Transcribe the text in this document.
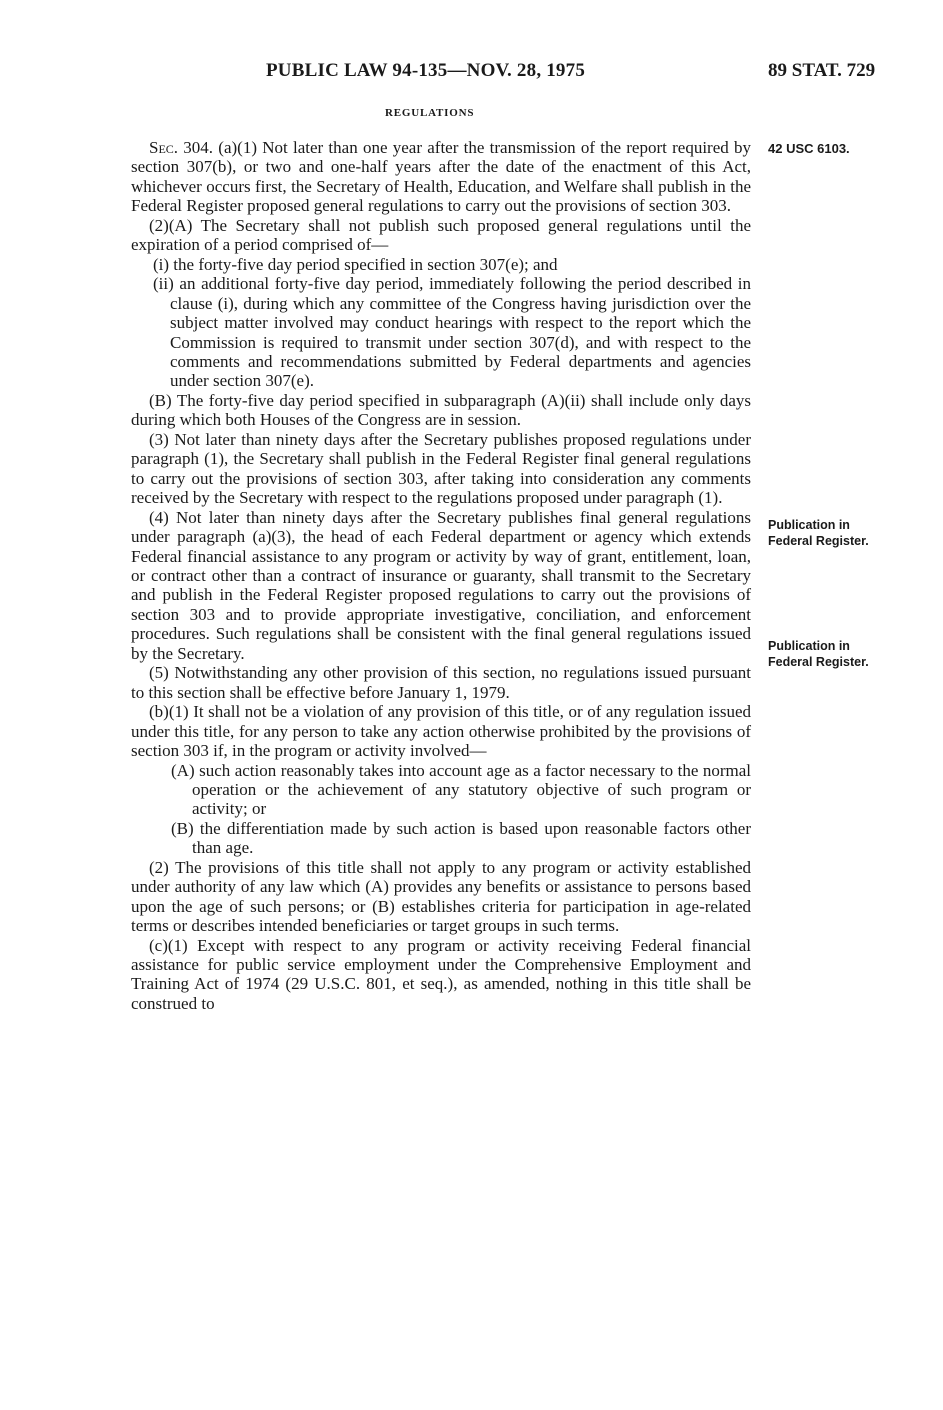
PUBLIC LAW 94-135—NOV. 28, 1975	89 STAT. 729
REGULATIONS
42 USC 6103.
Publication in
Federal Register.
Publication in
Federal Register.

Sec. 304. (a)(1) Not later than one year after the transmission of the report required by section 307(b), or two and one-half years after the date of the enactment of this Act, whichever occurs first, the Secretary of Health, Education, and Welfare shall publish in the Federal Register proposed general regulations to carry out the provisions of section 303.

(2)(A) The Secretary shall not publish such proposed general regulations until the expiration of a period comprised of—

(i) the forty-five day period specified in section 307(e); and

(ii) an additional forty-five day period, immediately following the period described in clause (i), during which any committee of the Congress having jurisdiction over the subject matter involved may conduct hearings with respect to the report which the Commission is required to transmit under section 307(d), and with respect to the comments and recommendations submitted by Federal departments and agencies under section 307(e).

(B) The forty-five day period specified in subparagraph (A)(ii) shall include only days during which both Houses of the Congress are in session.

(3) Not later than ninety days after the Secretary publishes proposed regulations under paragraph (1), the Secretary shall publish in the Federal Register final general regulations to carry out the provisions of section 303, after taking into consideration any comments received by the Secretary with respect to the regulations proposed under paragraph (1).

(4) Not later than ninety days after the Secretary publishes final general regulations under paragraph (a)(3), the head of each Federal department or agency which extends Federal financial assistance to any program or activity by way of grant, entitlement, loan, or contract other than a contract of insurance or guaranty, shall transmit to the Secretary and publish in the Federal Register proposed regulations to carry out the provisions of section 303 and to provide appropriate investigative, conciliation, and enforcement procedures. Such regulations shall be consistent with the final general regulations issued by the Secretary.

(5) Notwithstanding any other provision of this section, no regulations issued pursuant to this section shall be effective before January 1, 1979.

(b)(1) It shall not be a violation of any provision of this title, or of any regulation issued under this title, for any person to take any action otherwise prohibited by the provisions of section 303 if, in the program or activity involved—

(A) such action reasonably takes into account age as a factor necessary to the normal operation or the achievement of any statutory objective of such program or activity; or

(B) the differentiation made by such action is based upon reasonable factors other than age.

(2) The provisions of this title shall not apply to any program or activity established under authority of any law which (A) provides any benefits or assistance to persons based upon the age of such persons; or (B) establishes criteria for participation in age-related terms or describes intended beneficiaries or target groups in such terms.

(c)(1) Except with respect to any program or activity receiving Federal financial assistance for public service employment under the Comprehensive Employment and Training Act of 1974 (29 U.S.C. 801, et seq.), as amended, nothing in this title shall be construed to
